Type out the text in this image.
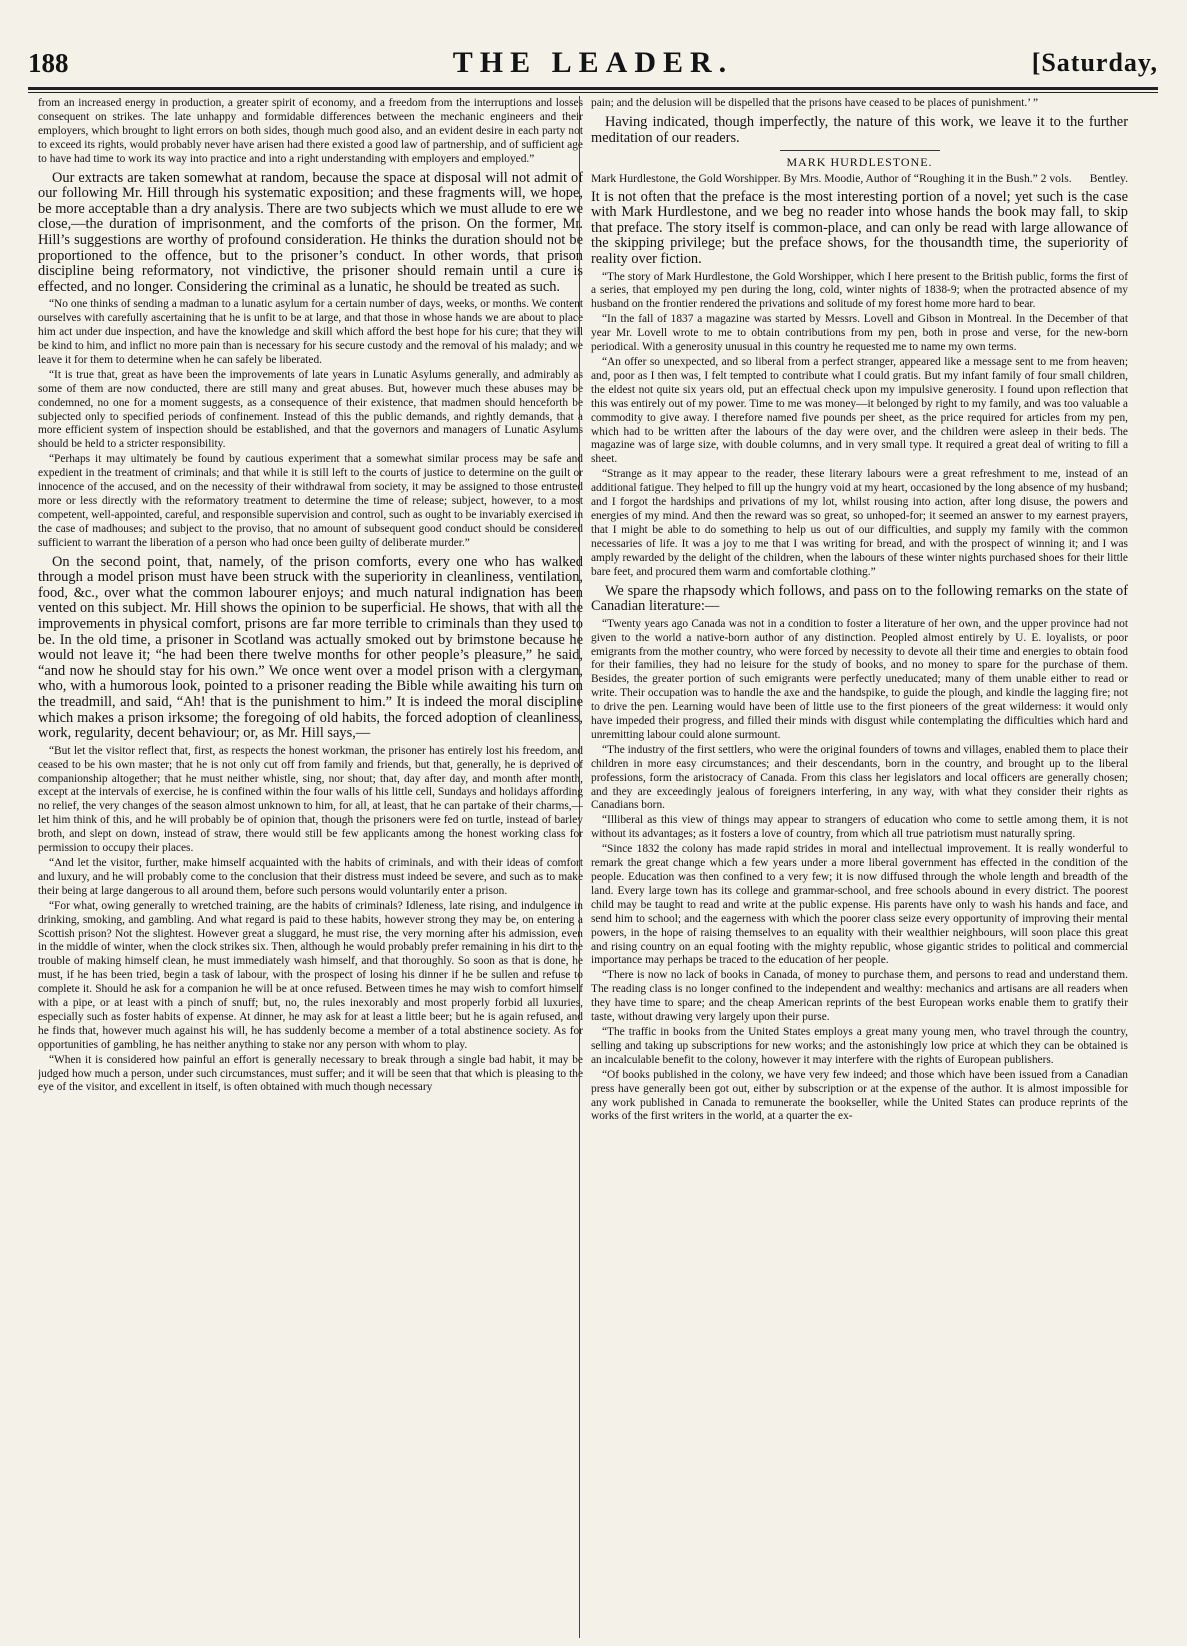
188	THE LEADER.	[Saturday,

from an increased energy in production, a greater spirit of economy, and a freedom from the interruptions and losses consequent on strikes. The late unhappy and formidable differences between the mechanic engineers and their employers, which brought to light errors on both sides, though much good also, and an evident desire in each party not to exceed its rights, would probably never have arisen had there existed a good law of partnership, and of sufficient age to have had time to work its way into practice and into a right understanding with employers and employed.”

Our extracts are taken somewhat at random, because the space at disposal will not admit of our following Mr. Hill through his systematic exposition; and these fragments will, we hope, be more acceptable than a dry analysis. There are two subjects which we must allude to ere we close,—the duration of imprisonment, and the comforts of the prison. On the former, Mr. Hill’s suggestions are worthy of profound consideration. He thinks the duration should not be proportioned to the offence, but to the prisoner’s conduct. In other words, that prison discipline being reformatory, not vindictive, the prisoner should remain until a cure is effected, and no longer. Considering the criminal as a lunatic, he should be treated as such.

“No one thinks of sending a madman to a lunatic asylum for a certain number of days, weeks, or months. We content ourselves with carefully ascertaining that he is unfit to be at large, and that those in whose hands we are about to place him act under due inspection, and have the knowledge and skill which afford the best hope for his cure; that they will be kind to him, and inflict no more pain than is necessary for his secure custody and the removal of his malady; and we leave it for them to determine when he can safely be liberated.

“It is true that, great as have been the improvements of late years in Lunatic Asylums generally, and admirably as some of them are now conducted, there are still many and great abuses. But, however much these abuses may be condemned, no one for a moment suggests, as a consequence of their existence, that madmen should henceforth be subjected only to specified periods of confinement. Instead of this the public demands, and rightly demands, that a more efficient system of inspection should be established, and that the governors and managers of Lunatic Asylums should be held to a stricter responsibility.

“Perhaps it may ultimately be found by cautious experiment that a somewhat similar process may be safe and expedient in the treatment of criminals; and that while it is still left to the courts of justice to determine on the guilt or innocence of the accused, and on the necessity of their withdrawal from society, it may be assigned to those entrusted more or less directly with the reformatory treatment to determine the time of release; subject, however, to a most competent, well-appointed, careful, and responsible supervision and control, such as ought to be invariably exercised in the case of madhouses; and subject to the proviso, that no amount of subsequent good conduct should be considered sufficient to warrant the liberation of a person who had once been guilty of deliberate murder.”

On the second point, that, namely, of the prison comforts, every one who has walked through a model prison must have been struck with the superiority in cleanliness, ventilation, food, &c., over what the common labourer enjoys; and much natural indignation has been vented on this subject. Mr. Hill shows the opinion to be superficial. He shows, that with all the improvements in physical comfort, prisons are far more terrible to criminals than they used to be. In the old time, a prisoner in Scotland was actually smoked out by brimstone because he would not leave it; “he had been there twelve months for other people’s pleasure,” he said, “and now he should stay for his own.” We once went over a model prison with a clergyman, who, with a humorous look, pointed to a prisoner reading the Bible while awaiting his turn on the treadmill, and said, “Ah! that is the punishment to him.” It is indeed the moral discipline which makes a prison irksome; the foregoing of old habits, the forced adoption of cleanliness, work, regularity, decent behaviour; or, as Mr. Hill says,—

“But let the visitor reflect that, first, as respects the honest workman, the prisoner has entirely lost his freedom, and ceased to be his own master; that he is not only cut off from family and friends, but that, generally, he is deprived of companionship altogether; that he must neither whistle, sing, nor shout; that, day after day, and month after month, except at the intervals of exercise, he is confined within the four walls of his little cell, Sundays and holidays affording no relief, the very changes of the season almost unknown to him, for all, at least, that he can partake of their charms,—let him think of this, and he will probably be of opinion that, though the prisoners were fed on turtle, instead of barley broth, and slept on down, instead of straw, there would still be few applicants among the honest working class for permission to occupy their places.

“And let the visitor, further, make himself acquainted with the habits of criminals, and with their ideas of comfort and luxury, and he will probably come to the conclusion that their distress must indeed be severe, and such as to make their being at large dangerous to all around them, before such persons would voluntarily enter a prison.

“For what, owing generally to wretched training, are the habits of criminals? Idleness, late rising, and indulgence in drinking, smoking, and gambling. And what regard is paid to these habits, however strong they may be, on entering a Scottish prison? Not the slightest. However great a sluggard, he must rise, the very morning after his admission, even in the middle of winter, when the clock strikes six. Then, although he would probably prefer remaining in his dirt to the trouble of making himself clean, he must immediately wash himself, and that thoroughly. So soon as that is done, he must, if he has been tried, begin a task of labour, with the prospect of losing his dinner if he be sullen and refuse to complete it. Should he ask for a companion he will be at once refused. Between times he may wish to comfort himself with a pipe, or at least with a pinch of snuff; but, no, the rules inexorably and most properly forbid all luxuries, especially such as foster habits of expense. At dinner, he may ask for at least a little beer; but he is again refused, and he finds that, however much against his will, he has suddenly become a member of a total abstinence society. As for opportunities of gambling, he has neither anything to stake nor any person with whom to play.

“When it is considered how painful an effort is generally necessary to break through a single bad habit, it may be judged how much a person, under such circumstances, must suffer; and it will be seen that that which is pleasing to the eye of the visitor, and excellent in itself, is often obtained with much though necessary

pain; and the delusion will be dispelled that the prisons have ceased to be places of punishment.’ ”

Having indicated, though imperfectly, the nature of this work, we leave it to the further meditation of our readers.

MARK HURDLESTONE.

Bentley.
Mark Hurdlestone, the Gold Worshipper. By Mrs. Moodie, Author of “Roughing it in the Bush.” 2 vols.

It is not often that the preface is the most interesting portion of a novel; yet such is the case with Mark Hurdlestone, and we beg no reader into whose hands the book may fall, to skip that preface. The story itself is common-place, and can only be read with large allowance of the skipping privilege; but the preface shows, for the thousandth time, the superiority of reality over fiction.

“The story of Mark Hurdlestone, the Gold Worshipper, which I here present to the British public, forms the first of a series, that employed my pen during the long, cold, winter nights of 1838-9; when the protracted absence of my husband on the frontier rendered the privations and solitude of my forest home more hard to bear.

“In the fall of 1837 a magazine was started by Messrs. Lovell and Gibson in Montreal. In the December of that year Mr. Lovell wrote to me to obtain contributions from my pen, both in prose and verse, for the new-born periodical. With a generosity unusual in this country he requested me to name my own terms.

“An offer so unexpected, and so liberal from a perfect stranger, appeared like a message sent to me from heaven; and, poor as I then was, I felt tempted to contribute what I could gratis. But my infant family of four small children, the eldest not quite six years old, put an effectual check upon my impulsive generosity. I found upon reflection that this was entirely out of my power. Time to me was money—it belonged by right to my family, and was too valuable a commodity to give away. I therefore named five pounds per sheet, as the price required for articles from my pen, which had to be written after the labours of the day were over, and the children were asleep in their beds. The magazine was of large size, with double columns, and in very small type. It required a great deal of writing to fill a sheet.

“Strange as it may appear to the reader, these literary labours were a great refreshment to me, instead of an additional fatigue. They helped to fill up the hungry void at my heart, occasioned by the long absence of my husband; and I forgot the hardships and privations of my lot, whilst rousing into action, after long disuse, the powers and energies of my mind. And then the reward was so great, so unhoped-for; it seemed an answer to my earnest prayers, that I might be able to do something to help us out of our difficulties, and supply my family with the common necessaries of life. It was a joy to me that I was writing for bread, and with the prospect of winning it; and I was amply rewarded by the delight of the children, when the labours of these winter nights purchased shoes for their little bare feet, and procured them warm and comfortable clothing.”

We spare the rhapsody which follows, and pass on to the following remarks on the state of Canadian literature:—

“Twenty years ago Canada was not in a condition to foster a literature of her own, and the upper province had not given to the world a native-born author of any distinction. Peopled almost entirely by U. E. loyalists, or poor emigrants from the mother country, who were forced by necessity to devote all their time and energies to obtain food for their families, they had no leisure for the study of books, and no money to spare for the purchase of them. Besides, the greater portion of such emigrants were perfectly uneducated; many of them unable either to read or write. Their occupation was to handle the axe and the handspike, to guide the plough, and kindle the lagging fire; not to drive the pen. Learning would have been of little use to the first pioneers of the great wilderness: it would only have impeded their progress, and filled their minds with disgust while contemplating the difficulties which hard and unremitting labour could alone surmount.

“The industry of the first settlers, who were the original founders of towns and villages, enabled them to place their children in more easy circumstances; and their descendants, born in the country, and brought up to the liberal professions, form the aristocracy of Canada. From this class her legislators and local officers are generally chosen; and they are exceedingly jealous of foreigners interfering, in any way, with what they consider their rights as Canadians born.

“Illiberal as this view of things may appear to strangers of education who come to settle among them, it is not without its advantages; as it fosters a love of country, from which all true patriotism must naturally spring.

“Since 1832 the colony has made rapid strides in moral and intellectual improvement. It is really wonderful to remark the great change which a few years under a more liberal government has effected in the condition of the people. Education was then confined to a very few; it is now diffused through the whole length and breadth of the land. Every large town has its college and grammar-school, and free schools abound in every district. The poorest child may be taught to read and write at the public expense. His parents have only to wash his hands and face, and send him to school; and the eagerness with which the poorer class seize every opportunity of improving their mental powers, in the hope of raising themselves to an equality with their wealthier neighbours, will soon place this great and rising country on an equal footing with the mighty republic, whose gigantic strides to political and commercial importance may perhaps be traced to the education of her people.

“There is now no lack of books in Canada, of money to purchase them, and persons to read and understand them. The reading class is no longer confined to the independent and wealthy: mechanics and artisans are all readers when they have time to spare; and the cheap American reprints of the best European works enable them to gratify their taste, without drawing very largely upon their purse.

“The traffic in books from the United States employs a great many young men, who travel through the country, selling and taking up subscriptions for new works; and the astonishingly low price at which they can be obtained is an incalculable benefit to the colony, however it may interfere with the rights of European publishers.

“Of books published in the colony, we have very few indeed; and those which have been issued from a Canadian press have generally been got out, either by subscription or at the expense of the author. It is almost impossible for any work published in Canada to remunerate the bookseller, while the United States can produce reprints of the works of the first writers in the world, at a quarter the ex-
